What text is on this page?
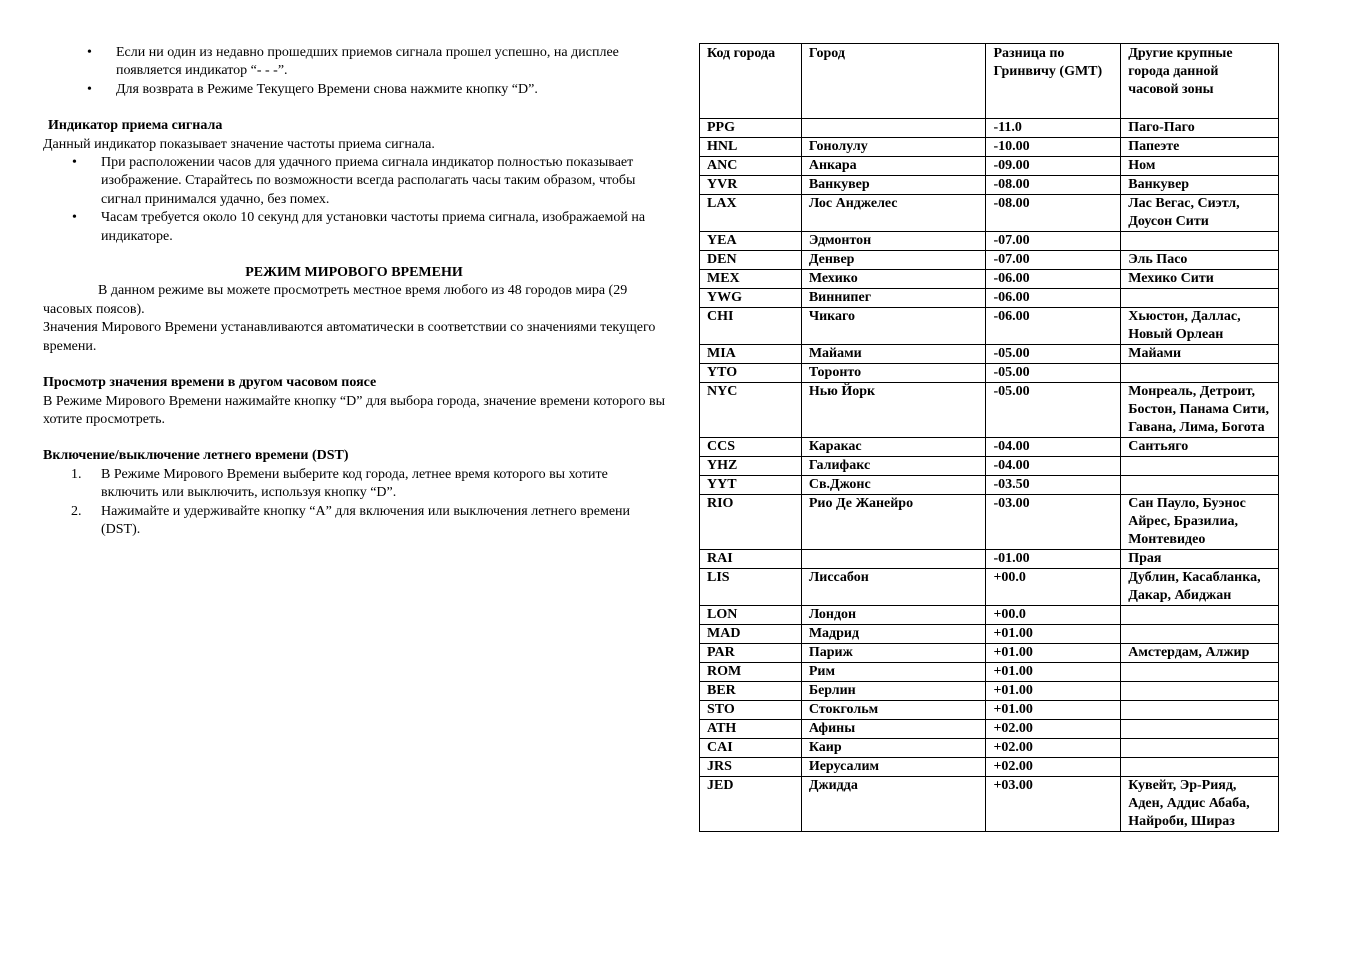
• Если ни один из недавно прошедших приемов сигнала прошел успешно, на дисплее появляется индикатор “- - -”.
• Для возврата в Режиме Текущего Времени снова нажмите кнопку “D”.
Индикатор приема сигнала
Данный индикатор показывает значение частоты приема сигнала.
• При расположении часов для удачного приема сигнала индикатор полностью показывает изображение. Старайтесь по возможности всегда располагать часы таким образом, чтобы сигнал принимался удачно, без помех.
• Часам требуется около 10 секунд для установки частоты приема сигнала, изображаемой на индикаторе.
РЕЖИМ МИРОВОГО ВРЕМЕНИ
В данном режиме вы можете просмотреть местное время любого из 48 городов мира (29 часовых поясов).
Значения Мирового Времени устанавливаются автоматически в соответствии со значениями текущего времени.
Просмотр значения времени в другом часовом поясе
В Режиме Мирового Времени нажимайте кнопку “D” для выбора города, значение времени которого вы хотите просмотреть.
Включение/выключение летнего времени (DST)
1. В Режиме Мирового Времени выберите код города, летнее время которого вы хотите включить или выключить, используя кнопку “D”.
2. Нажимайте и удерживайте кнопку “A” для включения или выключения летнего времени (DST).
Код города	Город	Разница по Гринвичу (GMT)	Другие крупные города данной часовой зоны
PPG		-11.0	Паго-Паго
HNL	Гонолулу	-10.00	Папеэте
ANC	Анкара	-09.00	Ном
YVR	Ванкувер	-08.00	Ванкувер
LAX	Лос Анджелес	-08.00	Лас Вегас, Сиэтл, Доусон Сити
YEA	Эдмонтон	-07.00	
DEN	Денвер	-07.00	Эль Пасо
MEX	Мехико	-06.00	Мехико Сити
YWG	Виннипег	-06.00	
CHI	Чикаго	-06.00	Хьюстон, Даллас, Новый Орлеан
MIA	Майами	-05.00	Майами
YTO	Торонто	-05.00	
NYC	Нью Йорк	-05.00	Монреаль, Детроит, Бостон, Панама Сити, Гавана, Лима, Богота
CCS	Каракас	-04.00	Сантьяго
YHZ	Галифакс	-04.00	
YYT	Св.Джонс	-03.50	
RIO	Рио Де Жанейро	-03.00	Сан Пауло, Буэнос Айрес, Бразилиа, Монтевидео
RAI		-01.00	Прая
LIS	Лиссабон	+00.0	Дублин, Касабланка, Дакар, Абиджан
LON	Лондон	+00.0	
MAD	Мадрид	+01.00	
PAR	Париж	+01.00	Амстердам, Алжир
ROM	Рим	+01.00	
BER	Берлин	+01.00	
STO	Стокгольм	+01.00	
ATH	Афины	+02.00	
CAI	Каир	+02.00	
JRS	Иерусалим	+02.00	
JED	Джидда	+03.00	Кувейт, Эр-Рияд, Аден, Аддис Абаба, Найроби, Шираз
